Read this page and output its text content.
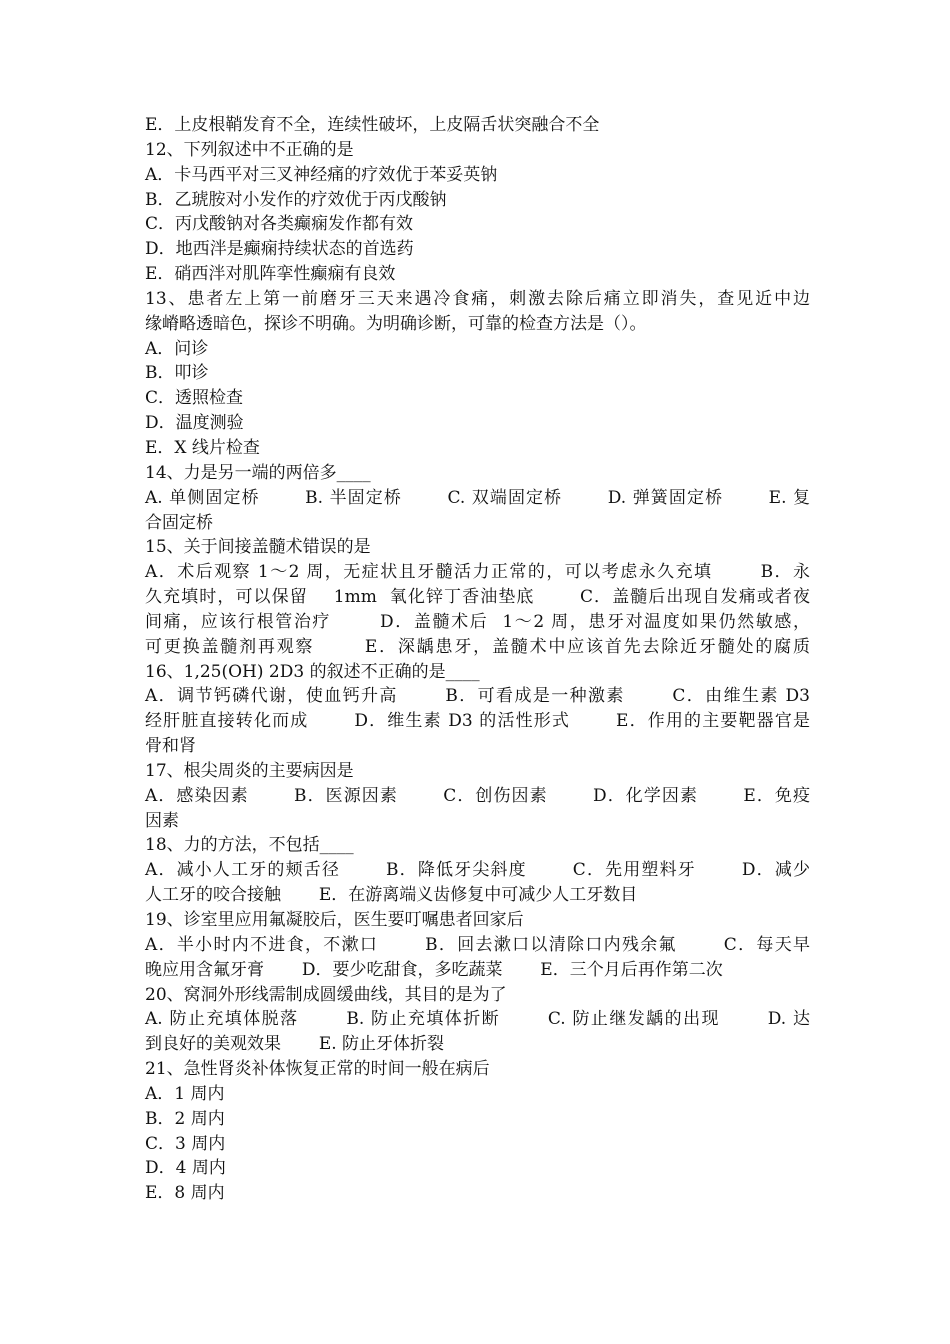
E．上皮根鞘发育不全，连续性破坏，上皮隔舌状突融合不全
12、下列叙述中不正确的是
A．卡马西平对三叉神经痛的疗效优于苯妥英钠
B．乙琥胺对小发作的疗效优于丙戊酸钠
C．丙戊酸钠对各类癫痫发作都有效
D．地西泮是癫痫持续状态的首选药
E．硝西泮对肌阵挛性癫痫有良效
13、患者左上第一前磨牙三天来遇冷食痛，刺激去除后痛立即消失，查见近中边
缘嵴略透暗色，探诊不明确。为明确诊断，可靠的检查方法是（）。
A．问诊
B．叩诊
C．透照检查
D．温度测验
E．X 线片检查
14、力是另一端的两倍多____
A. 单侧固定桥       B. 半固定桥       C. 双端固定桥       D. 弹簧固定桥       E. 复
合固定桥
15、关于间接盖髓术错误的是
A．术后观察 1～2 周，无症状且牙髓活力正常的，可以考虑永久充填       B．永
久充填时，可以保留    1mm  氧化锌丁香油垫底       C．盖髓后出现自发痛或者夜
间痛，应该行根管治疗       D．盖髓术后  1～2 周，患牙对温度如果仍然敏感，
可更换盖髓剂再观察       E．深龋患牙，盖髓术中应该首先去除近牙髓处的腐质
16、1,25(OH) 2D3 的叙述不正确的是____
A．调节钙磷代谢，使血钙升高       B．可看成是一种激素       C．由维生素 D3
经肝脏直接转化而成       D．维生素 D3 的活性形式       E．作用的主要靶器官是
骨和肾
17、根尖周炎的主要病因是
A．感染因素       B．医源因素       C．创伤因素       D．化学因素       E．免疫
因素
18、力的方法，不包括____
A．减小人工牙的颊舌径       B．降低牙尖斜度       C．先用塑料牙       D．减少
人工牙的咬合接触       E．在游离端义齿修复中可减少人工牙数目
19、诊室里应用氟凝胶后，医生要叮嘱患者回家后
A．半小时内不进食，不漱口       B．回去漱口以清除口内残余氟       C．每天早
晚应用含氟牙膏       D．要少吃甜食，多吃蔬菜       E．三个月后再作第二次
20、窝洞外形线需制成圆缓曲线，其目的是为了
A. 防止充填体脱落       B. 防止充填体折断       C. 防止继发龋的出现       D. 达
到良好的美观效果       E. 防止牙体折裂
21、急性肾炎补体恢复正常的时间一般在病后
A．1 周内
B．2 周内
C．3 周内
D．4 周内
E．8 周内
